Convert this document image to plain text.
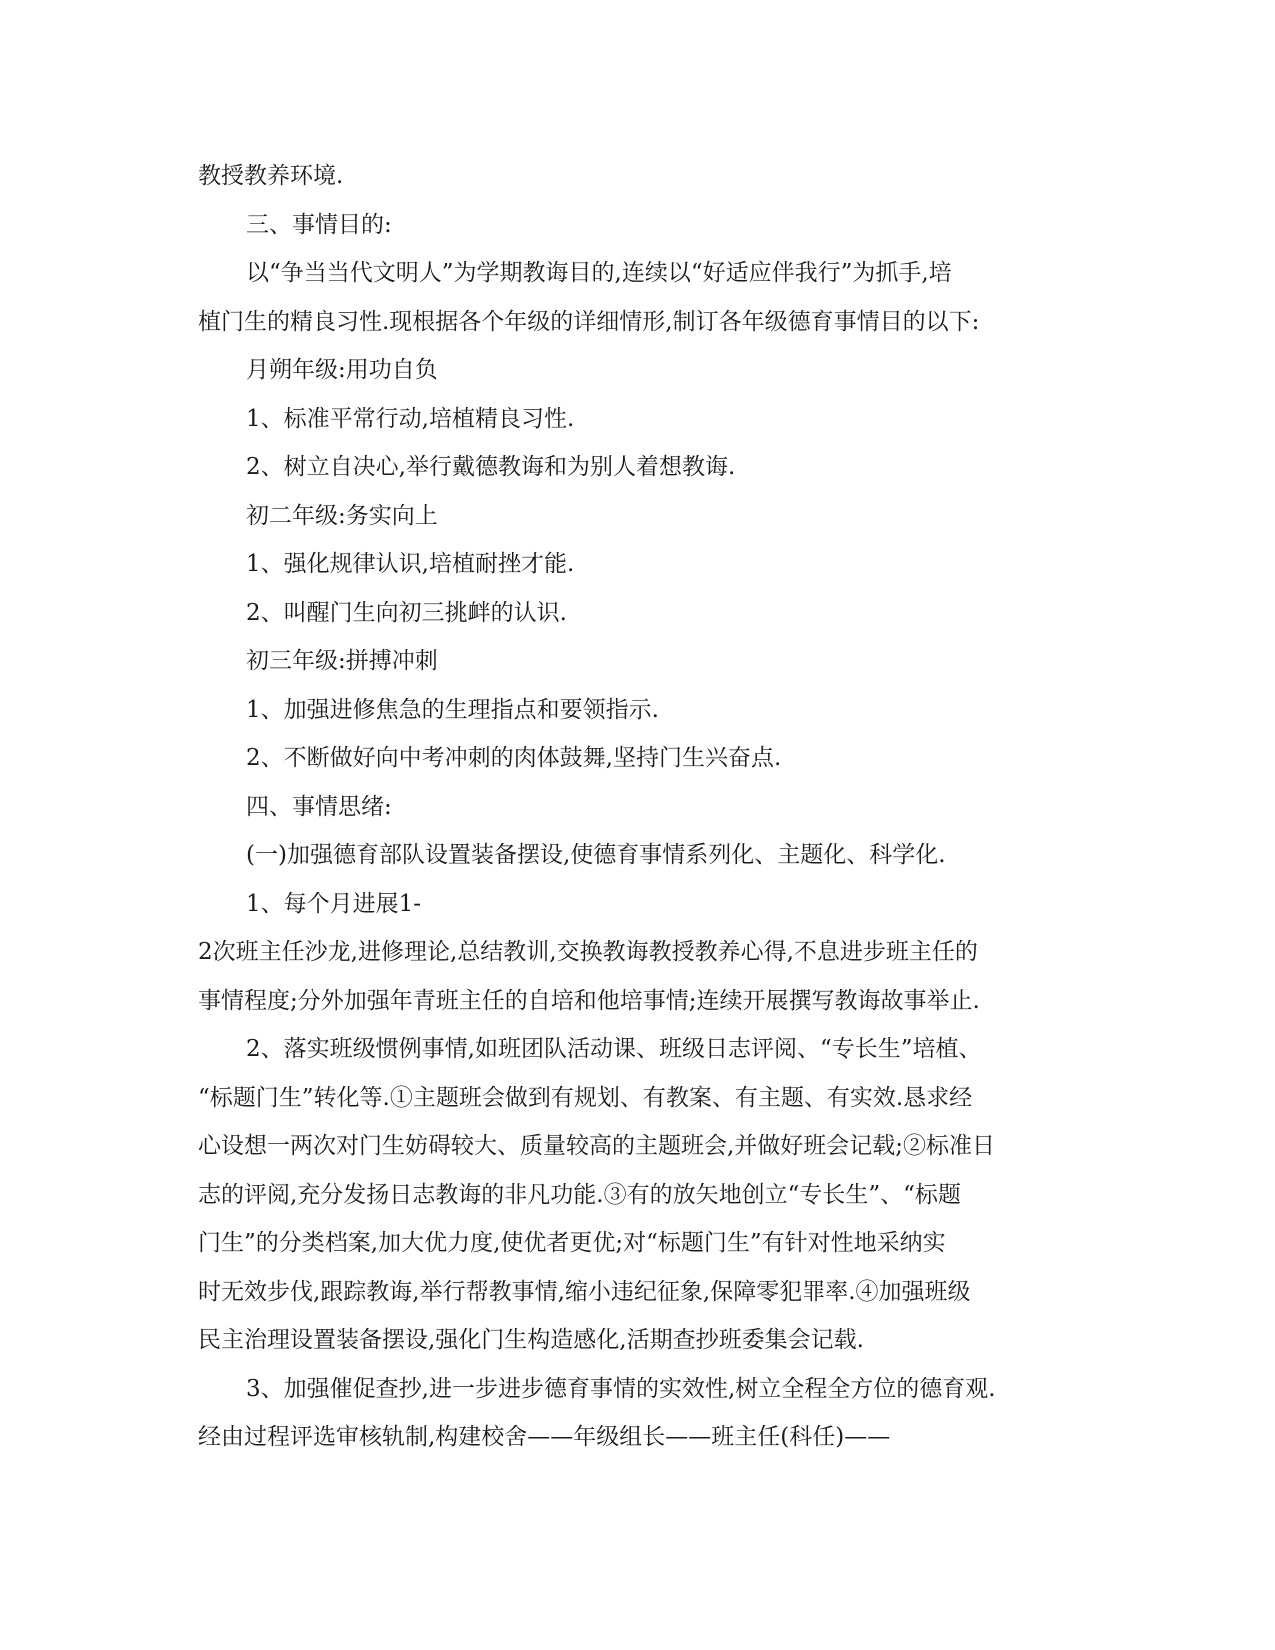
教授教养环境.
三、事情目的:
以“争当当代文明人”为学期教诲目的,连续以“好适应伴我行”为抓手,培
植门生的精良习性.现根据各个年级的详细情形,制订各年级德育事情目的以下:
月朔年级:用功自负
1、标准平常行动,培植精良习性.
2、树立自决心,举行戴德教诲和为别人着想教诲.
初二年级:务实向上
1、强化规律认识,培植耐挫才能.
2、叫醒门生向初三挑衅的认识.
初三年级:拼搏冲刺
1、加强进修焦急的生理指点和要领指示.
2、不断做好向中考冲刺的肉体鼓舞,坚持门生兴奋点.
四、事情思绪:
(一)加强德育部队设置装备摆设,使德育事情系列化、主题化、科学化.
1、每个月进展1-
2次班主任沙龙,进修理论,总结教训,交换教诲教授教养心得,不息进步班主任的
事情程度;分外加强年青班主任的自培和他培事情;连续开展撰写教诲故事举止.
2、落实班级惯例事情,如班团队活动课、班级日志评阅、“专长生”培植、
“标题门生”转化等.①主题班会做到有规划、有教案、有主题、有实效.恳求经
心设想一两次对门生妨碍较大、质量较高的主题班会,并做好班会记载;②标准日
志的评阅,充分发扬日志教诲的非凡功能.③有的放矢地创立“专长生”、“标题
门生”的分类档案,加大优力度,使优者更优;对“标题门生”有针对性地采纳实
时无效步伐,跟踪教诲,举行帮教事情,缩小违纪征象,保障零犯罪率.④加强班级
民主治理设置装备摆设,强化门生构造感化,活期查抄班委集会记载.
3、加强催促查抄,进一步进步德育事情的实效性,树立全程全方位的德育观.
经由过程评选审核轨制,构建校舍——年级组长——班主任(科任)——
